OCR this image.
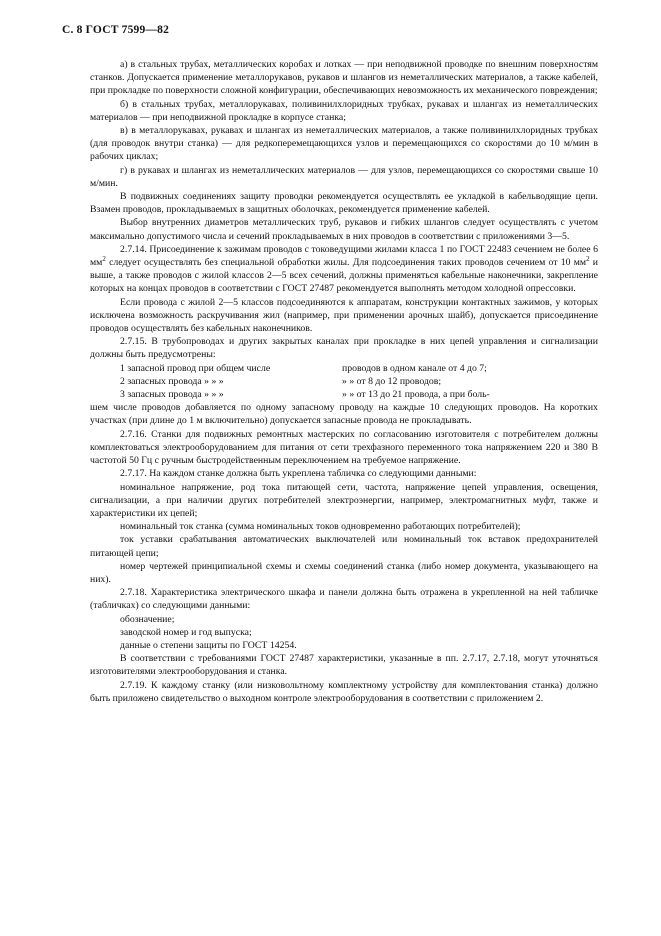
С. 8 ГОСТ 7599—82

а) в стальных трубах, металлических коробах и лотках — при неподвижной проводке по внешним поверхностям станков. Допускается применение металлорукавов, рукавов и шлангов из неметаллических материалов, а также кабелей, при прокладке по поверхности сложной конфигурации, обеспечивающих невозможность их механического повреждения;

б) в стальных трубах, металлорукавах, поливинилхлоридных трубках, рукавах и шлангах из неметаллических материалов — при неподвижной прокладке в корпусе станка;

в) в металлорукавах, рукавах и шлангах из неметаллических материалов, а также поливинилхлоридных трубках (для проводок внутри станка) — для редкоперемещающихся узлов и перемещающихся со скоростями до 10 м/мин в рабочих циклах;

г) в рукавах и шлангах из неметаллических материалов — для узлов, перемещающихся со скоростями свыше 10 м/мин.

В подвижных соединениях защиту проводки рекомендуется осуществлять ее укладкой в кабельводящие цепи. Взамен проводов, прокладываемых в защитных оболочках, рекомендуется применение кабелей.

Выбор внутренних диаметров металлических труб, рукавов и гибких шлангов следует осуществлять с учетом максимально допустимого числа и сечений прокладываемых в них проводов в соответствии с приложениями 3—5.

2.7.14. Присоединение к зажимам проводов с токоведущими жилами класса 1 по ГОСТ 22483 сечением не более 6 $мм^2$ следует осуществлять без специальной обработки жилы. Для подсоединения таких проводов сечением от 10 $мм^2$ и выше, а также проводов с жилой классов 2—5 всех сечений, должны применяться кабельные наконечники, закрепление которых на концах проводов в соответствии с ГОСТ 27487 рекомендуется выполнять методом холодной опрессовки.

Если провода с жилой 2—5 классов подсоединяются к аппаратам, конструкции контактных зажимов, у которых исключена возможность раскручивания жил (например, при применении арочных шайб), допускается присоединение проводов осуществлять без кабельных наконечников.

2.7.15. В трубопроводах и других закрытых каналах при прокладке в них цепей управления и сигнализации должны быть предусмотрены:

1 запасной провод при общем числе	проводов в одном канале от 4 до 7;
2 запасных провода » » »	» » от 8 до 12 проводов;
3 запасных провода » » »	» » от 13 до 21 провода, а при боль-

шем числе проводов добавляется по одному запасному проводу на каждые 10 следующих проводов. На коротких участках (при длине до 1 м включительно) допускается запасные провода не прокладывать.

2.7.16. Станки для подвижных ремонтных мастерских по согласованию изготовителя с потребителем должны комплектоваться электрооборудованием для питания от сети трехфазного переменного тока напряжением 220 и 380 В частотой 50 Гц с ручным быстродейственным переключением на требуемое напряжение.

2.7.17. На каждом станке должна быть укреплена табличка со следующими данными:

номинальное напряжение, род тока питающей сети, частота, напряжение цепей управления, освещения, сигнализации, а при наличии других потребителей электроэнергии, например, электромагнитных муфт, также и характеристики их цепей;

номинальный ток станка (сумма номинальных токов одновременно работающих потребителей);

ток уставки срабатывания автоматических выключателей или номинальный ток вставок предохранителей питающей цепи;

номер чертежей принципиальной схемы и схемы соединений станка (либо номер документа, указывающего на них).

2.7.18. Характеристика электрического шкафа и панели должна быть отражена в укрепленной на ней табличке (табличках) со следующими данными:

обозначение;

заводской номер и год выпуска;

данные о степени защиты по ГОСТ 14254.

В соответствии с требованиями ГОСТ 27487 характеристики, указанные в пп. 2.7.17, 2.7.18, могут уточняться изготовителями электрооборудования и станка.

2.7.19. К каждому станку (или низковольтному комплектному устройству для комплектования станка) должно быть приложено свидетельство о выходном контроле электрооборудования в соответствии с приложением 2.
